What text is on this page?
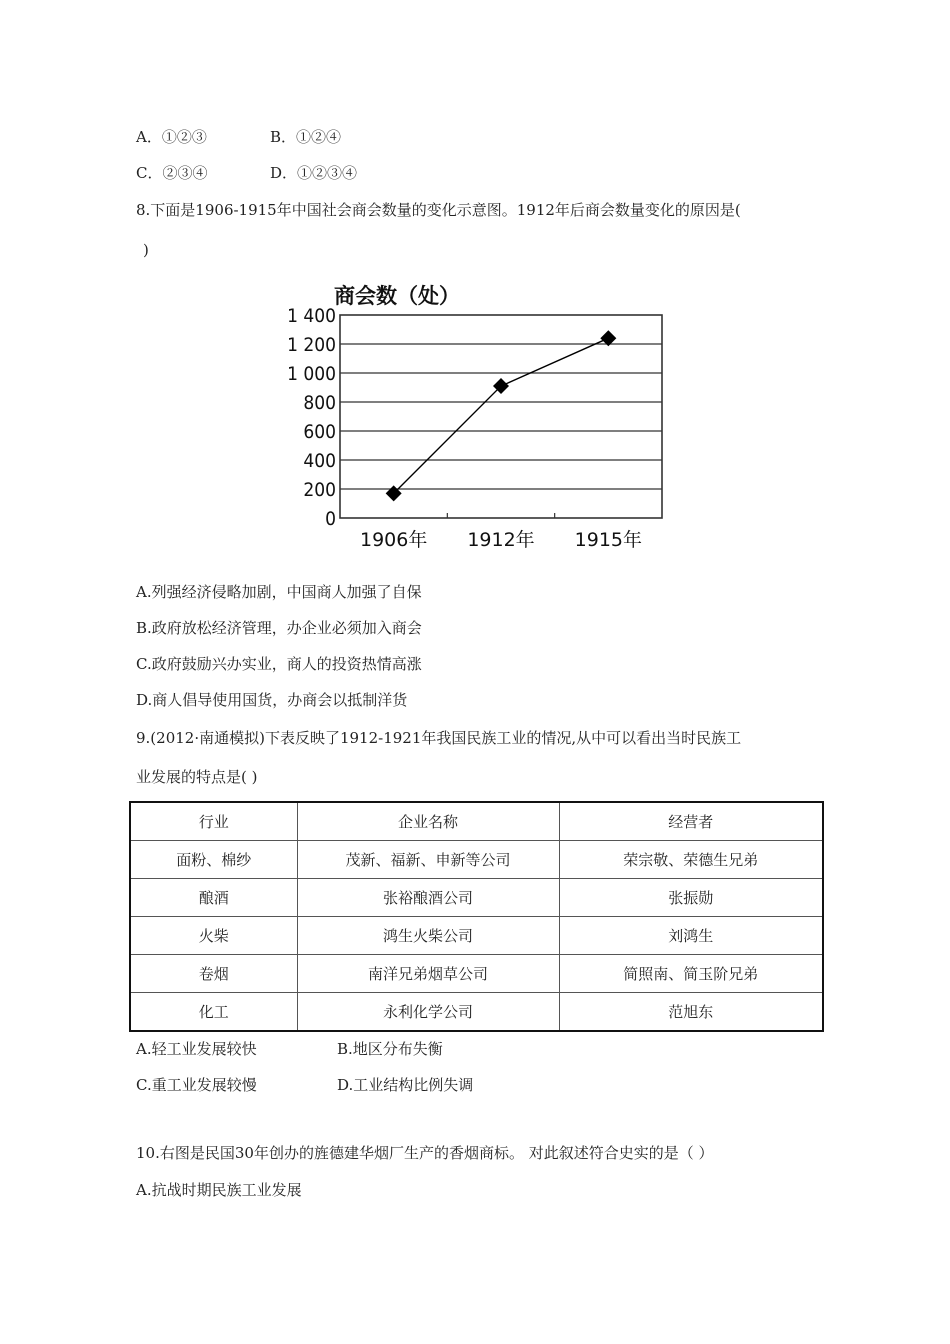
A．①②③	B．①②④
C．②③④	D．①②③④
8.下面是1906-1915年中国社会商会数量的变化示意图。1912年后商会数量变化的原因是(
)
商会数（处）
0
200
400
600
800
1 000
1 200
1 400
1906年 1912年 1915年
A.列强经济侵略加剧，中国商人加强了自保
B.政府放松经济管理，办企业必须加入商会
C.政府鼓励兴办实业，商人的投资热情高涨
D.商人倡导使用国货，办商会以抵制洋货
9.(2012·南通模拟)下表反映了1912-1921年我国民族工业的情况,从中可以看出当时民族工
业发展的特点是( )
行业	企业名称	经营者
面粉、棉纱	茂新、福新、申新等公司	荣宗敬、荣德生兄弟
酿酒	张裕酿酒公司	张振勋
火柴	鸿生火柴公司	刘鸿生
卷烟	南洋兄弟烟草公司	简照南、简玉阶兄弟
化工	永利化学公司	范旭东
A.轻工业发展较快	B.地区分布失衡
C.重工业发展较慢	D.工业结构比例失调
10.右图是民国30年创办的旌德建华烟厂生产的香烟商标。 对此叙述符合史实的是（ ）
A.抗战时期民族工业发展
